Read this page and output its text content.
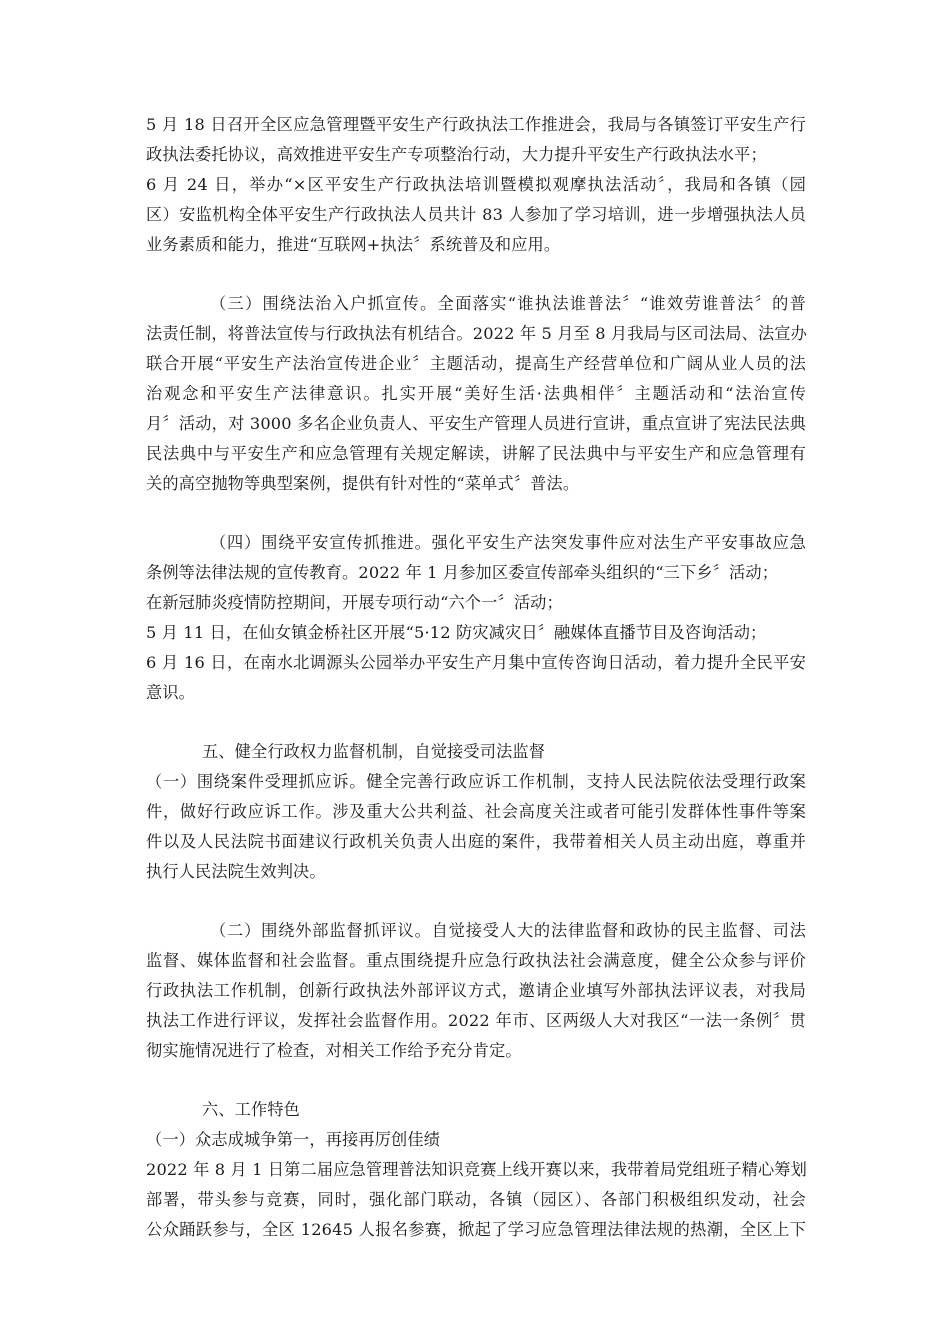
5 月 18 日召开全区应急管理暨平安生产行政执法工作推进会，我局与各镇签订平安生产行
政执法委托协议，高效推进平安生产专项整治行动，大力提升平安生产行政执法水平；
6 月 24 日，举办“×区平安生产行政执法培训暨模拟观摩执法活动〞，我局和各镇（园
区）安监机构全体平安生产行政执法人员共计 83 人参加了学习培训，进一步增强执法人员
业务素质和能力，推进“互联网+执法〞系统普及和应用。
（三）围绕法治入户抓宣传。全面落实“谁执法谁普法〞“谁效劳谁普法〞的普
法责任制，将普法宣传与行政执法有机结合。2022 年 5 月至 8 月我局与区司法局、法宣办
联合开展“平安生产法治宣传进企业〞主题活动，提高生产经营单位和广阔从业人员的法
治观念和平安生产法律意识。扎实开展“美好生活·法典相伴〞主题活动和“法治宣传
月〞活动，对 3000 多名企业负责人、平安生产管理人员进行宣讲，重点宣讲了宪法民法典
民法典中与平安生产和应急管理有关规定解读，讲解了民法典中与平安生产和应急管理有
关的高空抛物等典型案例，提供有针对性的“菜单式〞普法。
（四）围绕平安宣传抓推进。强化平安生产法突发事件应对法生产平安事故应急
条例等法律法规的宣传教育。2022 年 1 月参加区委宣传部牵头组织的“三下乡〞活动；
在新冠肺炎疫情防控期间，开展专项行动“六个一〞活动；
5 月 11 日，在仙女镇金桥社区开展“5·12 防灾减灾日〞融媒体直播节目及咨询活动；
6 月 16 日，在南水北调源头公园举办平安生产月集中宣传咨询日活动，着力提升全民平安
意识。
五、健全行政权力监督机制，自觉接受司法监督
（一）围绕案件受理抓应诉。健全完善行政应诉工作机制，支持人民法院依法受理行政案
件，做好行政应诉工作。涉及重大公共利益、社会高度关注或者可能引发群体性事件等案
件以及人民法院书面建议行政机关负责人出庭的案件，我带着相关人员主动出庭，尊重并
执行人民法院生效判决。
（二）围绕外部监督抓评议。自觉接受人大的法律监督和政协的民主监督、司法
监督、媒体监督和社会监督。重点围绕提升应急行政执法社会满意度，健全公众参与评价
行政执法工作机制，创新行政执法外部评议方式，邀请企业填写外部执法评议表，对我局
执法工作进行评议，发挥社会监督作用。2022 年市、区两级人大对我区“一法一条例〞贯
彻实施情况进行了检查，对相关工作给予充分肯定。
六、工作特色
（一）众志成城争第一，再接再厉创佳绩
2022 年 8 月 1 日第二届应急管理普法知识竞赛上线开赛以来，我带着局党组班子精心筹划
部署，带头参与竞赛，同时，强化部门联动，各镇（园区）、各部门积极组织发动，社会
公众踊跃参与，全区 12645 人报名参赛，掀起了学习应急管理法律法规的热潮，全区上下
